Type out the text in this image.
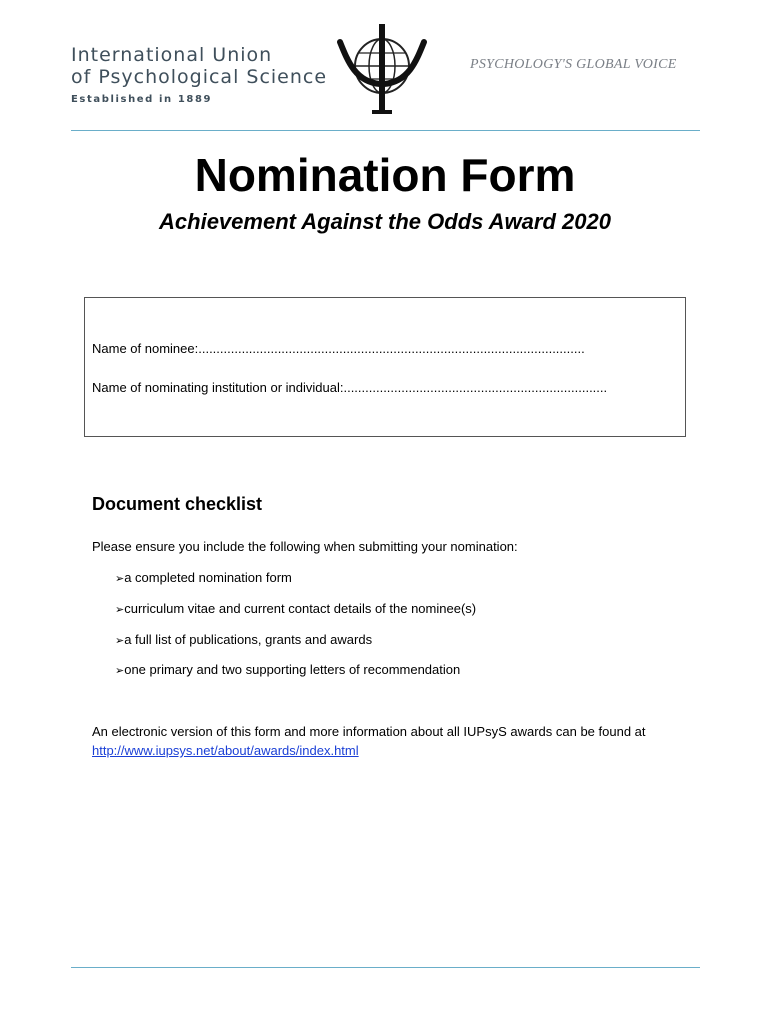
International Union
of Psychological Science
Established in 1889
PSYCHOLOGY'S GLOBAL VOICE
Nomination Form
Achievement Against the Odds Award 2020
Name of nominee:...........................................................................................................
Name of nominating institution or individual:.........................................................................
Document checklist
Please ensure you include the following when submitting your nomination:
➢a completed nomination form
➢curriculum vitae and current contact details of the nominee(s)
➢a full list of publications, grants and awards
➢one primary and two supporting letters of recommendation
An electronic version of this form and more information about all IUPsyS awards can be found at http://www.iupsys.net/about/awards/index.html
